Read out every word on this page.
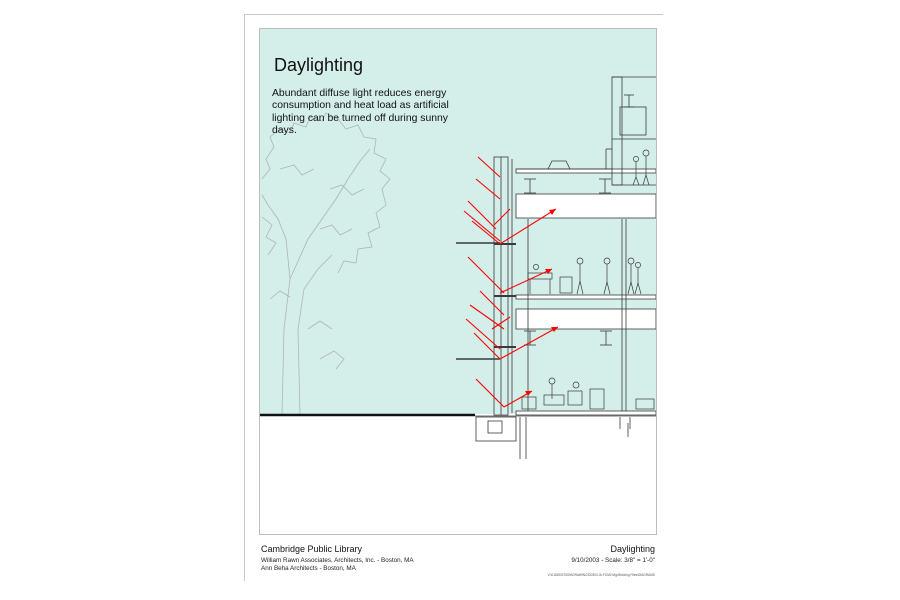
Daylighting
Abundant diffuse light reduces energy consumption and heat load as artificial lighting can be turned off during sunny days.
Cambridge Public Library
William Rawn Associates, Architects, Inc. - Boston, MA
Ann Beha Architects - Boston, MA
Daylighting
9/10/2003 - Scale: 3/8" = 1'-0"
V:\0118\DESIGN\DRAWINGS\0303-Gr.FCM2.Mg\Working Files\DIAGRAMS
